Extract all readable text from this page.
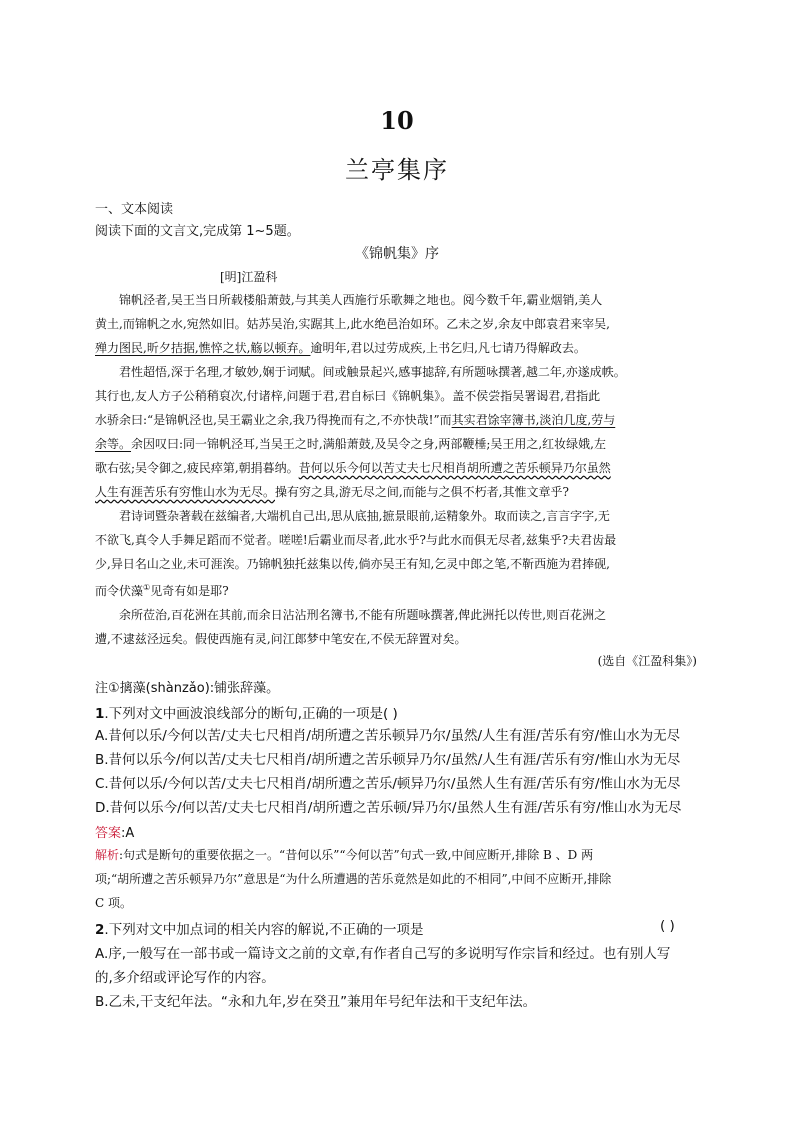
10
兰亭集序
一、文本阅读
阅读下面的文言文,完成第 1~5题。
《锦帆集》序
[明]江盈科
锦帆泾者,吴王当日所载楼船萧鼓,与其美人西施行乐歌舞之地也。阅今数千年,霸业烟销,美人
黄土,而锦帆之水,宛然如旧。姑苏吴治,实踞其上,此水绝邑治如环。乙未之岁,余友中郎袁君来宰吴,
殚力图民,昕夕拮据,憔悴之状,觞以顿弃。逾明年,君以过劳成疾,上书乞归,凡七请乃得解政去。
君性超悟,深于名理,才敏妙,娴于词赋。间或触景起兴,感事摅辞,有所题咏撰著,越二年,亦遂成帙。
其行也,友人方子公稍稍裒次,付诸梓,问题于君,君自标曰《锦帆集》。盖不侯尝指吴署谒君,君指此
水骄余曰:“是锦帆泾也,吴王霸业之余,我乃得挽而有之,不亦快哉!”而其实君馀宰簿书,淡泊几度,劳与
余等。余因叹曰:同一锦帆泾耳,当吴王之时,满船萧鼓,及吴令之身,两部鞭棰;吴王用之,红妆绿娥,左
歌右弦;吴令御之,疲民瘁第,朝捐暮纳。昔何以乐今何以苦丈夫七尺相肖胡所遭之苦乐顿异乃尔虽然
人生有涯苦乐有穷惟山水为无尽。操有穷之具,游无尽之间,而能与之俱不朽者,其惟文章乎?
君诗词暨杂著载在兹编者,大端机自己出,思从底抽,摭景眼前,运精象外。取而读之,言言字字,无
不欲飞,真令人手舞足蹈而不觉者。嗟嗟!后霸业而尽者,此水乎?与此水而俱无尽者,兹集乎?夫君齿最
少,异日名山之业,未可涯涘。乃锦帆独托兹集以传,倘亦吴王有知,乞灵中郎之笔,不靳西施为君捧砚,
而令伏藻①见奇有如是耶?
余所莅治,百花洲在其前,而余日沾沾刑名簿书,不能有所题咏撰著,俾此洲托以传世,则百花洲之
遭,不逮兹泾远矣。假使西施有灵,问江郎梦中笔安在,不侯无辞置对矣。
(选自《江盈科集》)
注①摛藻(shànzǎo):铺张辞藻。
1.下列对文中画波浪线部分的断句,正确的一项是( )
A.昔何以乐/今何以苦/丈夫七尺相肖/胡所遭之苦乐顿异乃尔/虽然/人生有涯/苦乐有穷/惟山水为无尽
B.昔何以乐今/何以苦/丈夫七尺相肖/胡所遭之苦乐顿异乃尔/虽然/人生有涯/苦乐有穷/惟山水为无尽
C.昔何以乐/今何以苦/丈夫七尺相肖/胡所遭之苦乐/顿异乃尔/虽然人生有涯/苦乐有穷/惟山水为无尽
D.昔何以乐今/何以苦/丈夫七尺相肖/胡所遭之苦乐顿/异乃尔/虽然人生有涯/苦乐有穷/惟山水为无尽
答案:A
解析:句式是断句的重要依据之一。“昔何以乐”“今何以苦”句式一致,中间应断开,排除 B 、D 两
项;“胡所遭之苦乐顿异乃尔”意思是“为什么所遭遇的苦乐竟然是如此的不相同”,中间不应断开,排除
C 项。
2.下列对文中加点词的相关内容的解说,不正确的一项是	( )
A.序,一般写在一部书或一篇诗文之前的文章,有作者自己写的多说明写作宗旨和经过。也有别人写
的,多介绍或评论写作的内容。
B.乙未,干支纪年法。“永和九年,岁在癸丑”兼用年号纪年法和干支纪年法。
